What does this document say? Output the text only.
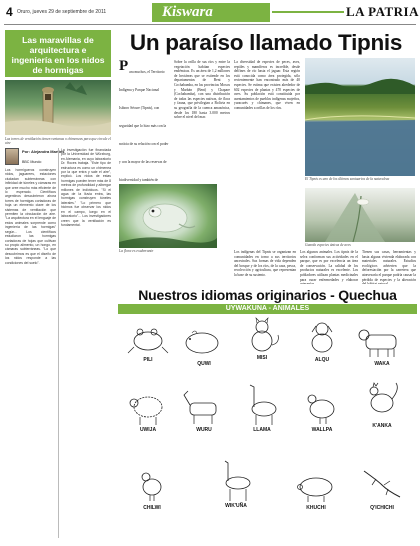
4 Oruro, jueves 29 de septiembre de 2011	Kiswara	LA PATRIA
Las maravillas de arquitectura e ingeniería en los nidos de hormigas
Las torres de ventilación tienen ventanas o chimeneas para que circule el aire
Por: Alejandra Martins
BBC Mundo
Los hormigueros construyen nidos, jaguarees, estaciones ciudadan subterráneas con infinidad de túneles y cámaras en que cree mucho más eficiente de lo esperado. Científicos argentinos descubrieron ahora torres de hormigas cortadoras de hoja un elemento clave de los sistemas de ventilación que permiten la circulación de aire. "La arquitectura en el lenguaje de estos animales sorprende como ingeniería de las hormigas" según... Los científicos estudiaron las hormigas cortadoras de hojas que cultivan su propio alimento, un hongo, en cámaras subterráneas. "Lo que descubrimos es que el diseño de los nidos responde a las condiciones del suelo".
La investigación fue financiada por la Universidad de Würzburg, en Alemania, en cuyo laboratorio Dr. Roces trabaja. "Este tipo de estructura es como un chimenea por la que entra y sale el aire", explicó. Los nidos de estas hormigas pueden tener más de 8 metros de profundidad y albergar millones de individuos. "Si el agua de la lluvia entra, las hormigas construyen túneles laterales." "Lo primero que hicimos fue observar los nidos en el campo, luego en el laboratorio"... Los investigadores creen que la ventilación es fundamental.
Un paraíso llamado Tipnis
P ara muchos, el Territorio Indígena y Parque Nacional Isiboro Sécure (Tipnis), con seguridad que lo hizo más con la noticia de su relación con el poder y con la mayor de las reservas de biodiversidad y también de
Sobre la orilla de sus ríos y entre la vegetación habitan especies endémicas. Es un área de 1,2 millones de hectáreas que se extiende en los departamentos de Beni y Cochabamba, en las provincias Moxos y Marbán (Beni) y Chapare (Cochabamba), con una distribución de todas las especies nativas, de flora y fauna, que privilegian a Bolivia en su geografía de la cuenca amazónica, desde los 180 hasta 3.000 metros sobre el nivel del mar.
La diversidad de especies de peces, aves, reptiles y mamíferos es increíble, desde delfines de río hasta el jaguar. Esta región está conocida como área protegida, sólo recientemente han encontrado más de 40 especies. Se estima que existen alrededor de 602 especies de plantas y 470 especies de aves. Su población está constituida por asentamientos de pueblos indígenas mojeños, yuracarés y chimanes, que viven en comunidades a orillas de los ríos.
La flora es exuberante
El Tipnis es uno de los últimos santuarios de la naturaleza
Guarda especies únicas de aves
Los indígenas del Tipnis se organizan en comunidades en torno a sus territorios ancestrales. Sus formas de vida dependen del bosque y de los ríos, de la caza, pesca, recolección y agricultura, que representan la base de su sustento.
Los algunos animales. Los tipnis de la selva conforman sus actividades en el parque, que es por excelencia un área de conservación. La calidad de los productos naturales es excelente. Los pobladores utilizan plantas medicinales para curar enfermedades y elaborar
Tienen sus casas, herramientas y hasta alguna vivienda elaborada con materiales naturales. Estudios ecológicos advierten que la deforestación por la carretera que atravesaría el parque podría causar la pérdida de especies y la alteración
Nuestros idiomas originarios - Quechua
UYWAKUNA - ANIMALES
PILI
QUWI
MISI	ALQU
WAKA
UWIJA	WURU	LLAMA	WALLPA
K'ANKA
CHILWI	WIK'UÑA	KHUCHI	Q'ICHICHI
